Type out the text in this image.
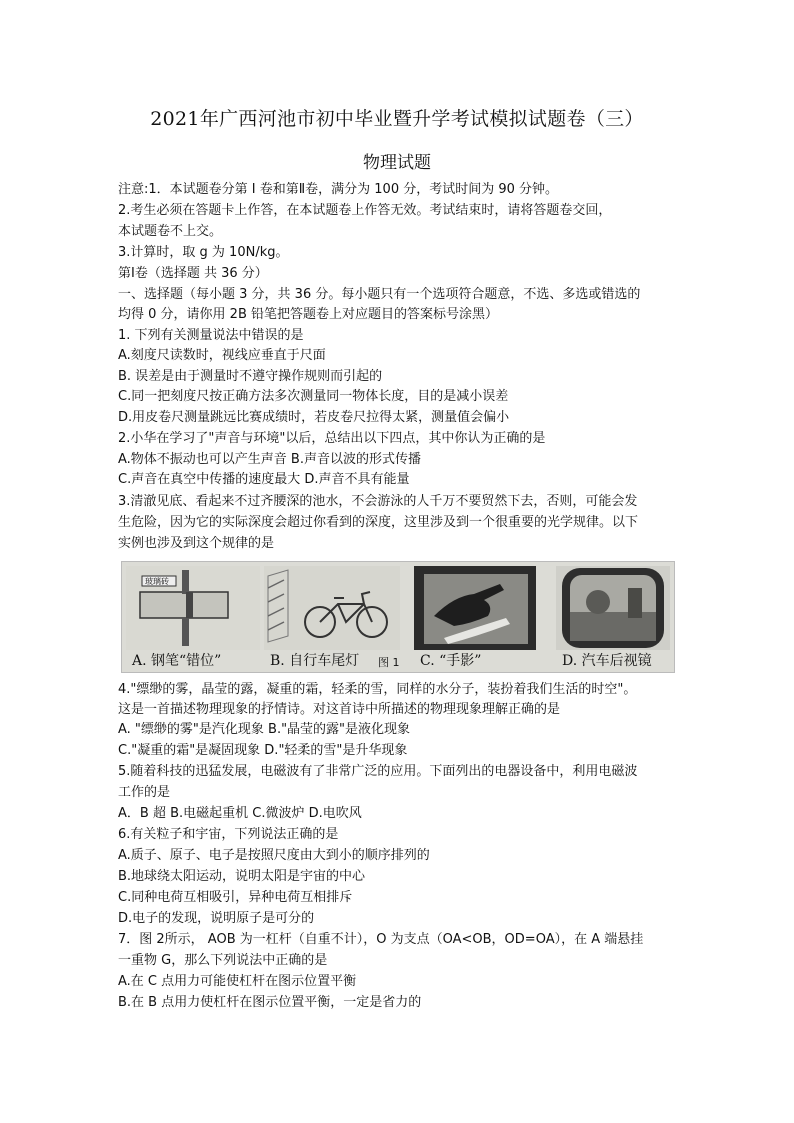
2021年广西河池市初中毕业暨升学考试模拟试题卷（三）
物理试题
注意:1．本试题卷分第 I 卷和第Ⅱ卷，满分为 100 分，考试时间为 90 分钟。
2.考生必须在答题卡上作答，在本试题卷上作答无效。考试结束时，请将答题卷交回，
本试题卷不上交。
3.计算时，取 g 为 10N/kg。
第Ⅰ卷（选择题 共 36 分）
一、选择题（每小题 3 分，共 36 分。每小题只有一个选项符合题意，不选、多选或错选的
均得 0 分，请你用 2B 铅笔把答题卷上对应题目的答案标号涂黑）
1. 下列有关测量说法中错误的是
A.刻度尺读数时，视线应垂直于尺面
B. 误差是由于测量时不遵守操作规则而引起的
C.同一把刻度尺按正确方法多次测量同一物体长度，目的是减小误差
D.用皮卷尺测量跳远比赛成绩时，若皮卷尺拉得太紧，测量值会偏小
2.小华在学习了"声音与环境"以后，总结出以下四点，其中你认为正确的是
A.物体不振动也可以产生声音 B.声音以波的形式传播
C.声音在真空中传播的速度最大 D.声音不具有能量
3.清澈见底、看起来不过齐腰深的池水，不会游泳的人千万不要贸然下去，否则，可能会发
生危险，因为它的实际深度会超过你看到的深度，这里涉及到一个很重要的光学规律。以下
实例也涉及到这个规律的是
玻璃砖
A. 钢笔“错位”	B. 自行车尾灯 图 1 C. “手影”	D. 汽车后视镜
4."缥缈的雾，晶莹的露，凝重的霜，轻柔的雪，同样的水分子，装扮着我们生活的时空"。
这是一首描述物理现象的抒情诗。对这首诗中所描述的物理现象理解正确的是
A. "缥缈的雾"是汽化现象 B."晶莹的露"是液化现象
C."凝重的霜"是凝固现象 D."轻柔的雪"是升华现象
5.随着科技的迅猛发展，电磁波有了非常广泛的应用。下面列出的电器设备中，利用电磁波
工作的是
A．B 超 B.电磁起重机 C.微波炉 D.电吹风
6.有关粒子和宇宙，下列说法正确的是
A.质子、原子、电子是按照尺度由大到小的顺序排列的
B.地球绕太阳运动，说明太阳是宇宙的中心
C.同种电荷互相吸引，异种电荷互相排斥
D.电子的发现，说明原子是可分的
7．图 2所示， AOB 为一杠杆（自重不计），O 为支点（OA<OB，OD=OA），在 A 端悬挂
一重物 G，那么下列说法中正确的是
A.在 C 点用力可能使杠杆在图示位置平衡
B.在 B 点用力使杠杆在图示位置平衡，一定是省力的
